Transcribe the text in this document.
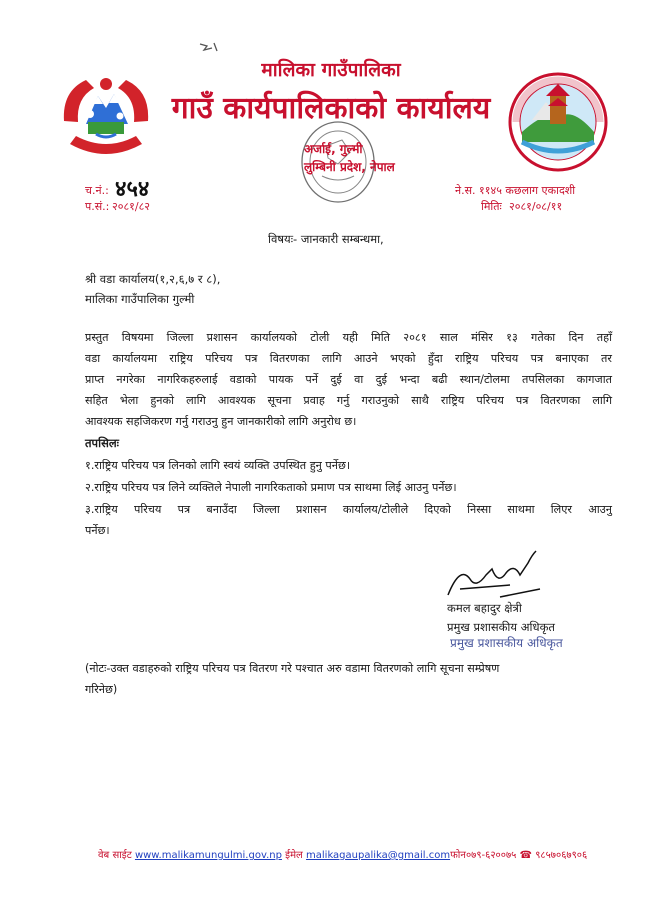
मालिका गाउँपालिका
गाउँ कार्यपालिकाको कार्यालय
अर्जाई, गुल्मी
लुम्बिनी प्रदेश, नेपाल
च.नं.: ४५४
प.सं.: २०८१/८२
ने.स. ११४५ कछलाग एकादशी
मितिः २०८१/०८/११
विषयः- जानकारी सम्बन्धमा,
श्री वडा कार्यालय(१,२,६,७ र ८),
मालिका गाउँपालिका गुल्मी
प्रस्तुत विषयमा जिल्ला प्रशासन कार्यालयको टोली यही मिति २०८१ साल मंसिर १३ गतेका दिन तहाँ
वडा कार्यालयमा राष्ट्रिय परिचय पत्र वितरणका लागि आउने भएको हुँदा राष्ट्रिय परिचय पत्र बनाएका तर
प्राप्त नगरेका नागरिकहरुलाई वडाको पायक पर्ने दुई वा दुई भन्दा बढी स्थान/टोलमा तपसिलका कागजात
सहित भेला हुनको लागि आवश्यक सूचना प्रवाह गर्नु गराउनुको साथै राष्ट्रिय परिचय पत्र वितरणका लागि
आवश्यक सहजिकरण गर्नु गराउनु हुन जानकारीको लागि अनुरोध छ।
तपसिलः
१.राष्ट्रिय परिचय पत्र लिनको लागि स्वयं व्यक्ति उपस्थित हुनु पर्नेछ।
२.राष्ट्रिय परिचय पत्र लिने व्यक्तिले नेपाली नागरिकताको प्रमाण पत्र साथमा लिई आउनु पर्नेछ।
३.राष्ट्रिय परिचय पत्र बनाउँदा जिल्ला प्रशासन कार्यालय/टोलीले दिएको निस्सा साथमा लिएर आउनु
पर्नेछ।
कमल बहादुर क्षेत्री
प्रमुख प्रशासकीय अधिकृत
प्रमुख प्रशासकीय अधिकृत
(नोटः-उक्त वडाहरुको राष्ट्रिय परिचय पत्र वितरण गरे पश्चात अरु वडामा वितरणको लागि सूचना सम्प्रेषण
गरिनेछ)
वेब साईट www.malikamungulmi.gov.np ईमेल malikagaupalika@gmail.comफोन०७९-६२००७५ ☎ ९८५७०६७९०६
